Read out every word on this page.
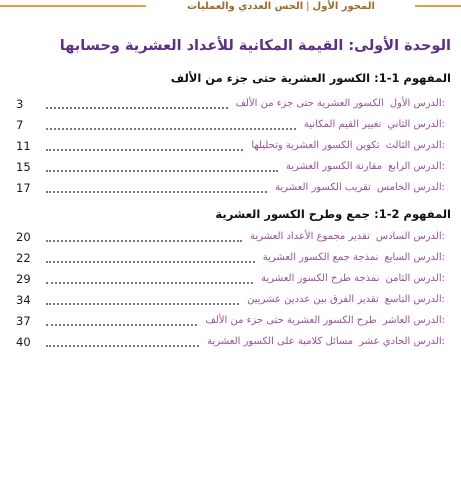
المحور الأول|الحس العددي والعمليات
الوحدة الأولى: القيمة المكانية للأعداد العشرية وحسابها
المفهوم 1-1: الكسور العشرية حتى جزء من الألف
الدرس الأول:
الكسور العشرية حتى جزء من الألف
3
الدرس الثاني:
تغيير القيم المكانية
7
الدرس الثالث:
تكوين الكسور العشرية وتحليلها
11
الدرس الرابع:
مقارنة الكسور العشرية
15
الدرس الخامس:
تقريب الكسور العشرية
17
المفهوم 1-2: جمع وطرح الكسور العشرية
الدرس السادس:
تقدير مجموع الأعداد العشرية
20
الدرس السابع:
نمذجة جمع الكسور العشرية
22
الدرس الثامن:
نمذجة طرح الكسور العشرية
29
الدرس التاسع:
تقدير الفرق بين عددين عشريين
34
الدرس العاشر:
طرح الكسور العشرية حتى جزء من الألف
37
الدرس الحادي عشر:
مسائل كلامية على الكسور العشرية
40
